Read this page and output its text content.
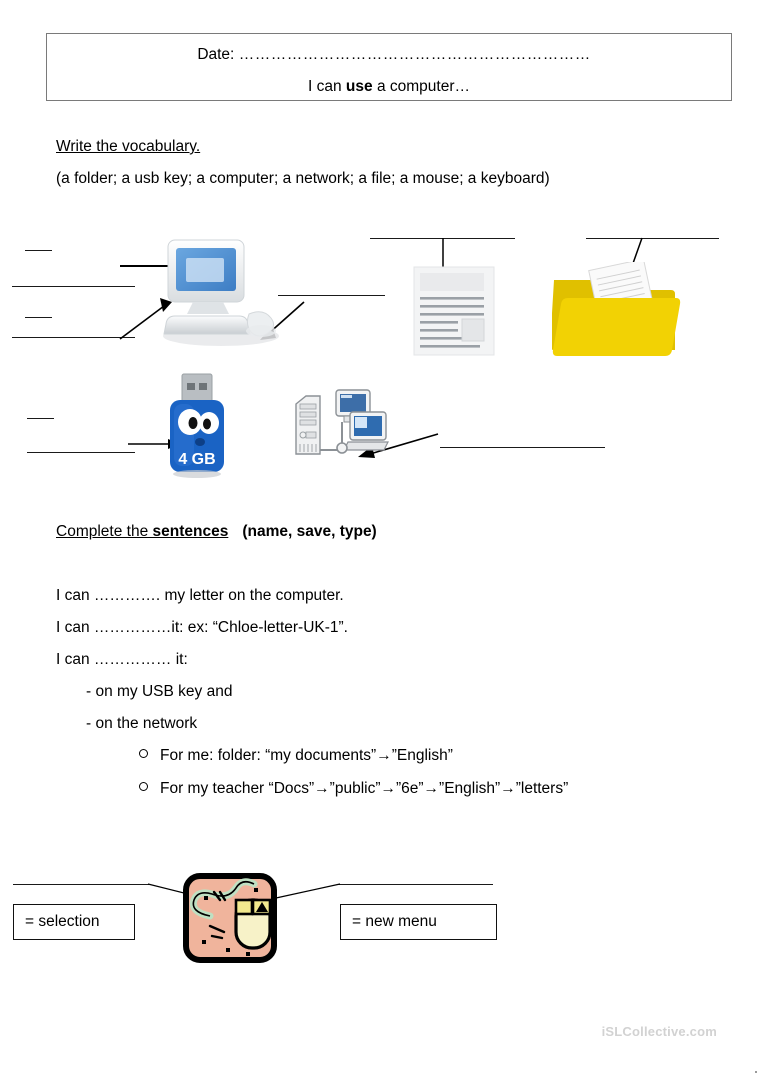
Date: …………………………………………………………
I can use a computer…
Write the vocabulary.
(a folder; a usb key; a computer; a network; a file; a mouse; a keyboard)
4 GB
Complete the sentences (name, save, type)
I can …………. my letter on the computer.
I can ……………it: ex: “Chloe-letter-UK-1”.
I can …………… it:
- on my USB key and
- on the network
For me: folder: “my documents”→”English”
For my teacher “Docs”→”public”→”6e”→”English”→”letters”
= selection	= new menu
iSLCollective.com
